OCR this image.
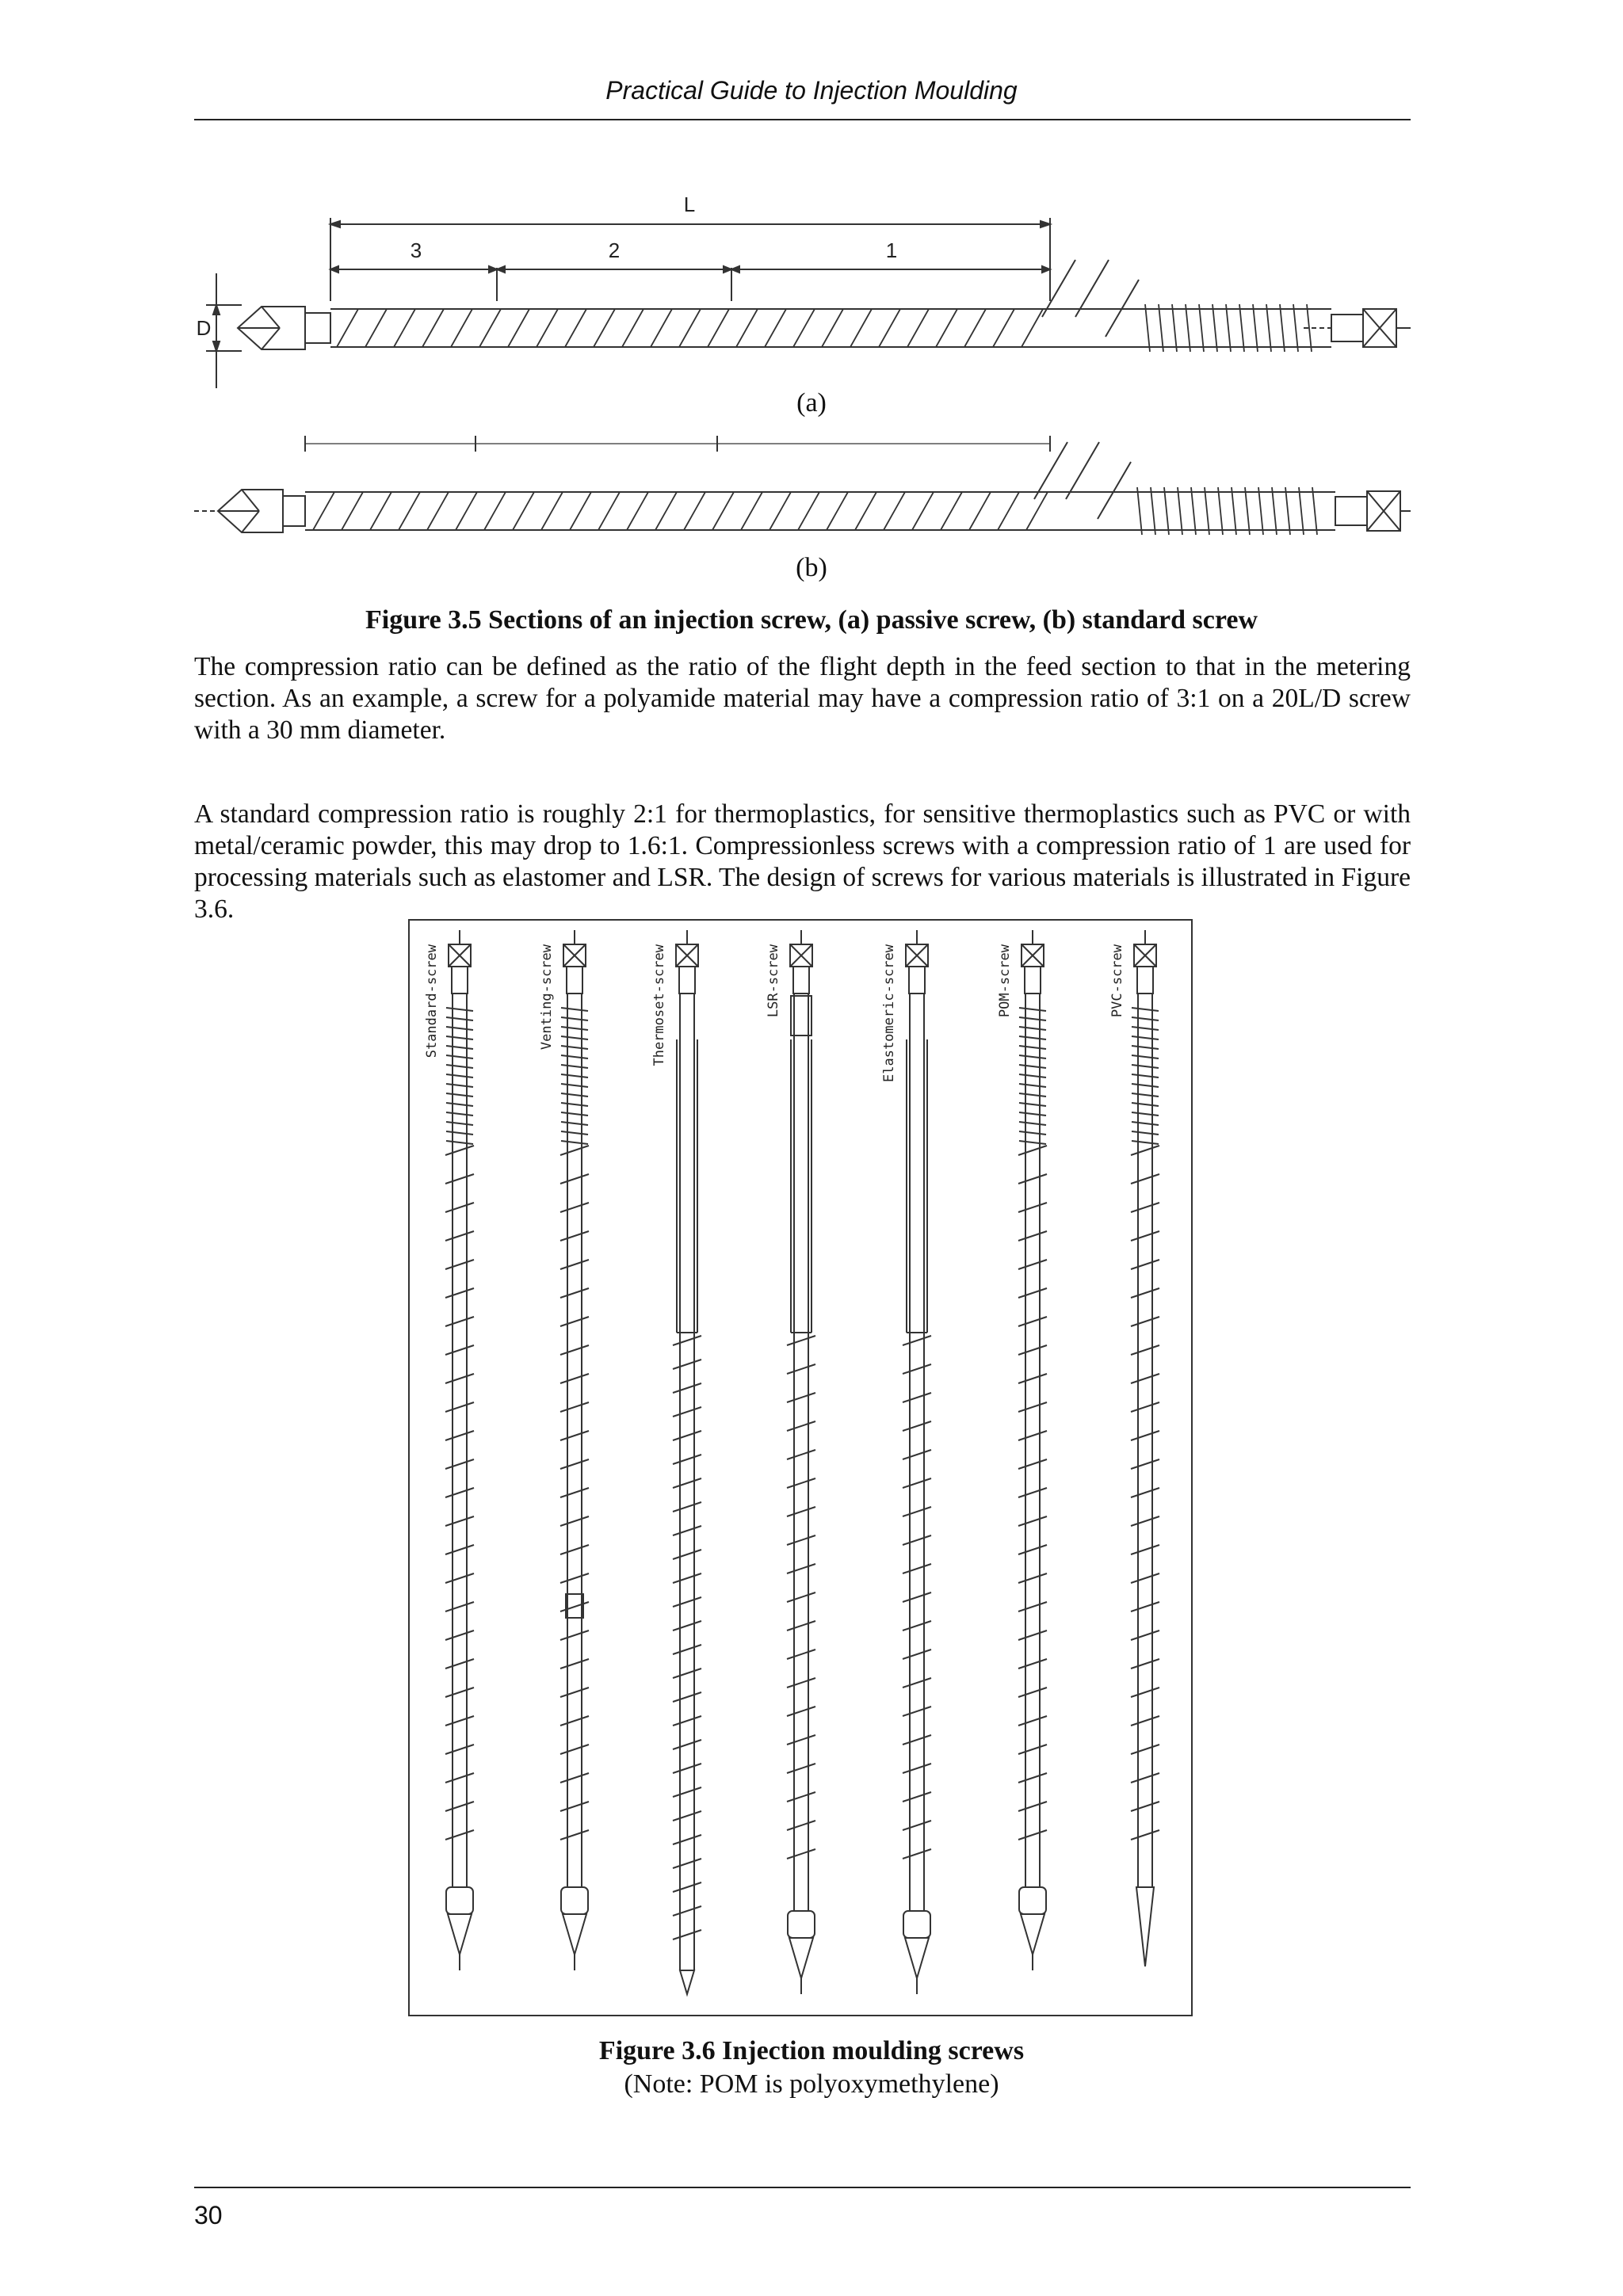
Practical Guide to Injection Moulding
L
3	2	1
D
(a)
(b)
Figure 3.5 Sections of an injection screw, (a) passive screw, (b) standard screw
The compression ratio can be defined as the ratio of the flight depth in the feed section to that in the metering section. As an example, a screw for a polyamide material may have a compression ratio of 3:1 on a 20L/D screw with a 30 mm diameter.
A standard compression ratio is roughly 2:1 for thermoplastics, for sensitive thermoplastics such as PVC or with metal/ceramic powder, this may drop to 1.6:1. Compressionless screws with a compression ratio of 1 are used for processing materials such as elastomer and LSR. The design of screws for various materials is illustrated in Figure 3.6.
Standard-screw	Venting-screw	Thermoset-screw	LSR-screw	Elastomeric-screw	POM-screw	PVC-screw
Figure 3.6 Injection moulding screws
(Note: POM is polyoxymethylene)
30
